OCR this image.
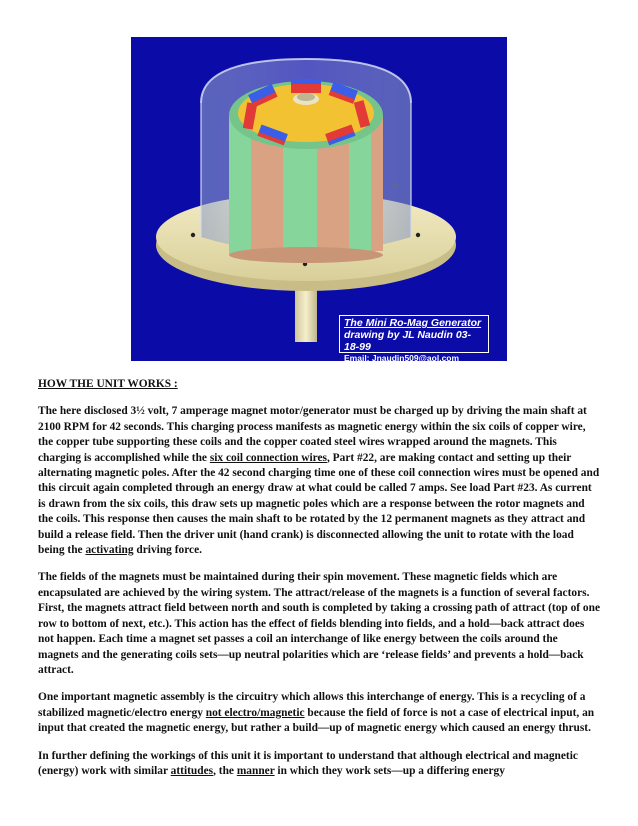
The Mini Ro-Mag Generator
drawing by JL Naudin 03-18-99
Email: Jnaudin509@aol.com
HOW THE UNIT WORKS :

The here disclosed 3½ volt, 7 amperage magnet motor/generator must be charged up by driving the main shaft at 2100 RPM for 42 seconds. This charging process manifests as magnetic energy within the six coils of copper wire, the copper tube supporting these coils and the copper coated steel wires wrapped around the magnets. This charging is accomplished while the six coil connection wires, Part #22, are making contact and setting up their alternating magnetic poles. After the 42 second charging time one of these coil connection wires must be opened and this circuit again completed through an energy draw at what could be called 7 amps. See load Part #23. As current is drawn from the six coils, this draw sets up magnetic poles which are a response between the rotor magnets and the coils. This response then causes the main shaft to be rotated by the 12 permanent magnets as they attract and build a release field. Then the driver unit (hand crank) is disconnected allowing the unit to rotate with the load being the activating driving force.

The fields of the magnets must be maintained during their spin movement. These magnetic fields which are encapsulated are achieved by the wiring system. The attract/release of the magnets is a function of several factors. First, the magnets attract field between north and south is completed by taking a crossing path of attract (top of one row to bottom of next, etc.). This action has the effect of fields blending into fields, and a hold—back attract does not happen. Each time a magnet set passes a coil an interchange of like energy between the coils around the magnets and the generating coils sets—up neutral polarities which are ‘release fields’ and prevents a hold—back attract.

One important magnetic assembly is the circuitry which allows this interchange of energy. This is a recycling of a stabilized magnetic/electro energy not electro/magnetic because the field of force is not a case of electrical input, an input that created the magnetic energy, but rather a build—up of magnetic energy which caused an energy thrust.

In further defining the workings of this unit it is important to understand that although electrical and magnetic (energy) work with similar attitudes, the manner in which they work sets—up a differing energy
